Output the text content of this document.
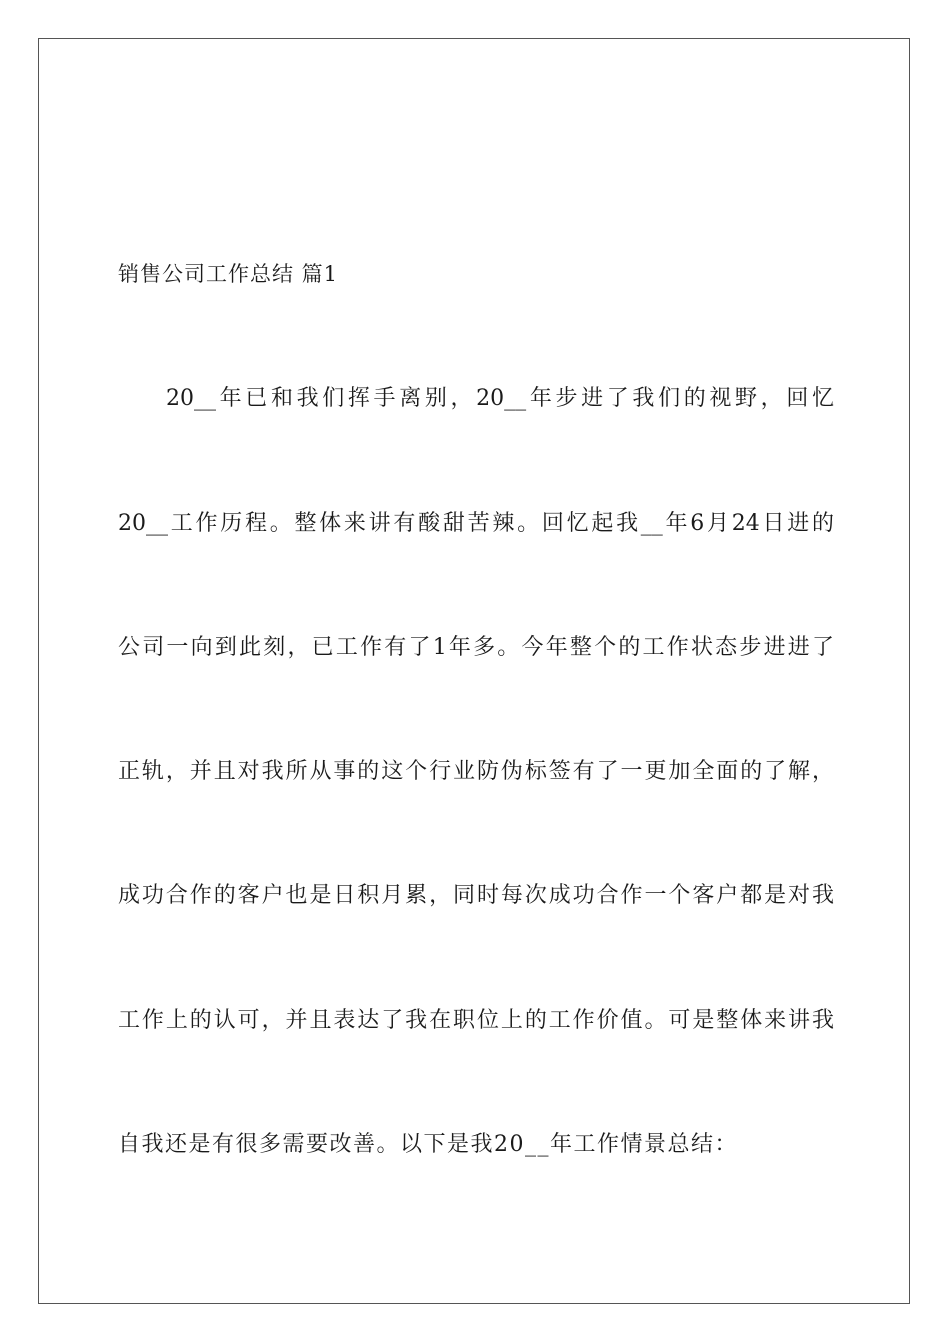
销售公司工作总结 篇1
20__年已和我们挥手离别，20__年步进了我们的视野，回忆
20__工作历程。整体来讲有酸甜苦辣。回忆起我__年6月24日进的
公司一向到此刻，已工作有了1年多。今年整个的工作状态步进进了
正轨，并且对我所从事的这个行业防伪标签有了一更加全面的了解，
成功合作的客户也是日积月累，同时每次成功合作一个客户都是对我
工作上的认可，并且表达了我在职位上的工作价值。可是整体来讲我
自我还是有很多需要改善。以下是我20__年工作情景总结：
